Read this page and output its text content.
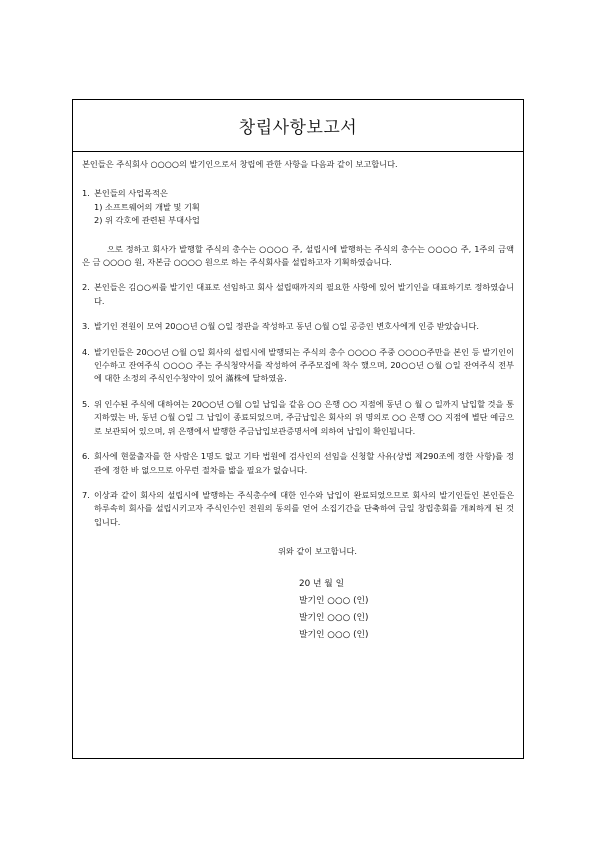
창립사항보고서

본인들은 주식회사 ○○○○의 발기인으로서 창립에 관한 사항을 다음과 같이 보고합니다.

1. 본인들의 사업목적은

1) 소프트웨어의 개발 및 기획

2) 위 각호에 관련된 부대사업

으로 정하고 회사가 발행할 주식의 총수는 ○○○○ 주, 설립시에 발행하는 주식의 총수는 ○○○○ 주, 1주의 금액은 금 ○○○○ 원, 자본금 ○○○○ 원으로 하는 주식회사를 설립하고자 기획하였습니다.

2. 본인들은 김○○씨를 발기인 대표로 선임하고 회사 설립때까지의 필요한 사항에 있어 발기인을 대표하기로 정하였습니다.
3. 발기인 전원이 모여 20○○년 ○월 ○일 정관을 작성하고 동년 ○월 ○일 공증인 변호사에게 인증 받았습니다.
4. 발기인들은 20○○년 ○월 ○일 회사의 설립시에 발행되는 주식의 총수 ○○○○ 주중 ○○○○주만을 본인 등 발기인이 인수하고 잔여주식 ○○○○ 주는 주식청약서를 작성하여 주주모집에 착수 했으며, 20○○년 ○월 ○일 잔여주식 전부에 대한 소정의 주식인수청약이 있어 滿株에 달하였음.
5. 위 인수된 주식에 대하여는 20○○년 ○월 ○일 납입을 같음 ○○ 은행 ○○ 지점에 동년 ○ 월 ○ 일까지 납입할 것을 통지하였는 바, 동년 ○월 ○일 그 납입이 종료되었으며, 주금납입은 회사의 위 명의로 ○○ 은행 ○○ 지점에 별단 예금으로 보관되어 있으며, 위 은행에서 발행한 주금납입보관증명서에 의하여 납입이 확인됩니다.
6. 회사에 현물출자를 한 사람은 1명도 없고 기타 법원에 검사인의 선임을 신청할 사유(상법 제290조에 정한 사항)를 정관에 정한 바 없으므로 아무런 절차를 밟을 필요가 없습니다.
7. 이상과 같이 회사의 설립시에 발행하는 주식총수에 대한 인수와 납입이 완료되었으므로 회사의 발기인들인 본인들은 하루속히 회사를 설립시키고자 주식인수인 전원의 동의를 얻어 소집기간을 단축하여 금일 창립총회를 개최하게 된 것입니다.

위와 같이 보고합니다.

20 년 월 일

발기인 ○○○ (인)

발기인 ○○○ (인)

발기인 ○○○ (인)
